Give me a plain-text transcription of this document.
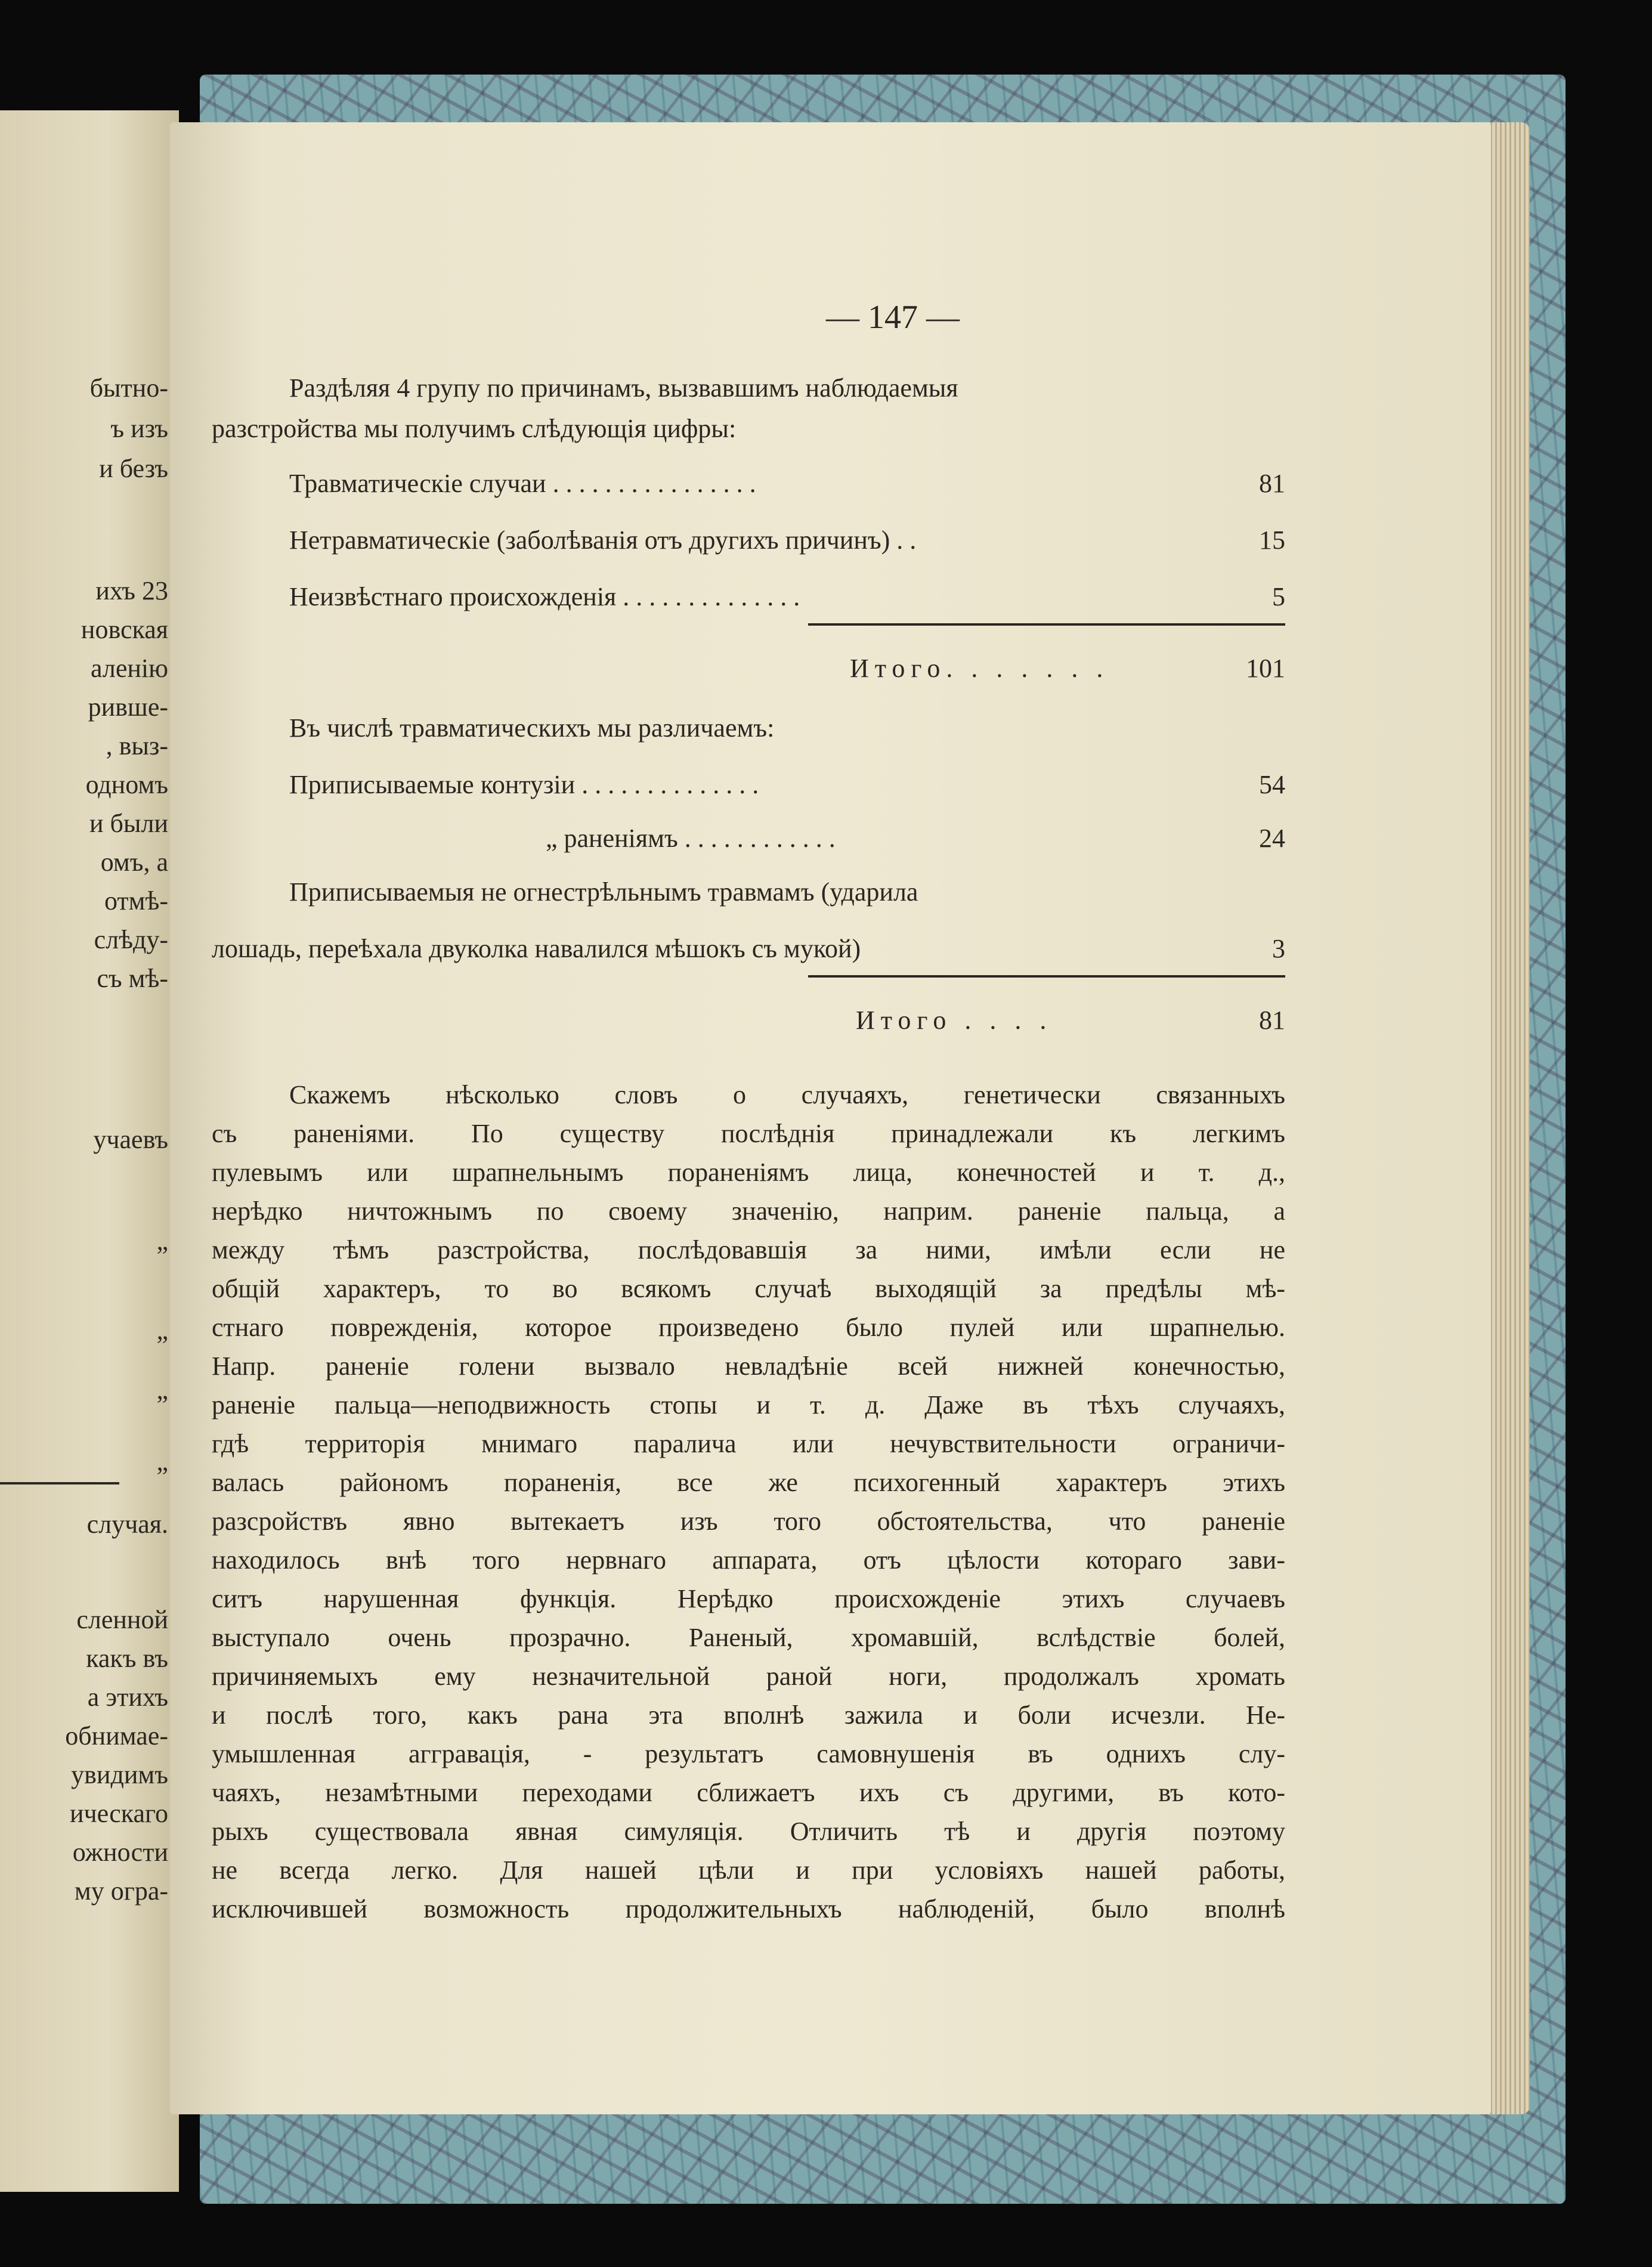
бытно-
ъ изъ
и безъ
ихъ 23
новская
аленію
ривше-
, выз-
одномъ
и были
омъ, а
отмѣ-
слѣду-
съ мѣ-
учаевъ
„
„
„
„
случая.
сленной
какъ въ
а этихъ
обнимае-
увидимъ
ическаго
ожности
му огра-
— 147 —
Раздѣляя 4 групу по причинамъ, вызвавшимъ наблюдаемыя
разстройства мы получимъ слѣдующія цифры:
Травматическіе случаи . . . . . . . . . . . . . . . .	81
Нетравматическіе (заболѣванія отъ другихъ причинъ) . .	15
Неизвѣстнаго происхожденія . . . . . . . . . . . . . .	5
Итого. . . . . . .	101
Въ числѣ травматическихъ мы различаемъ:
Приписываемые контузіи . . . . . . . . . . . . . .	54
„ раненіямъ . . . . . . . . . . . .	24
Приписываемыя не огнестрѣльнымъ травмамъ (ударила
лошадь, переѣхала двуколка навалился мѣшокъ съ мукой)	3
Итого . . . .	81
Скажемъ нѣсколько словъ о случаяхъ, генетически связанныхъ
съ раненіями. По существу послѣднія принадлежали къ легкимъ
пулевымъ или шрапнельнымъ пораненіямъ лица, конечностей и т. д.,
нерѣдко ничтожнымъ по своему значенію, наприм. раненіе пальца, а
между тѣмъ разстройства, послѣдовавшія за ними, имѣли если не
общій характеръ, то во всякомъ случаѣ выходящій за предѣлы мѣ-
стнаго поврежденія, которое произведено было пулей или шрапнелью.
Напр. раненіе голени вызвало невладѣніе всей нижней конечностью,
раненіе пальца—неподвижность стопы и т. д. Даже въ тѣхъ случаяхъ,
гдѣ территорія мнимаго паралича или нечувствительности ограничи-
валась райономъ пораненія, все же психогенный характеръ этихъ
разсройствъ явно вытекаетъ изъ того обстоятельства, что раненіе
находилось внѣ того нервнаго аппарата, отъ цѣлости котораго зави-
ситъ нарушенная функція. Нерѣдко происхожденіе этихъ случаевъ
выступало очень прозрачно. Раненый, хромавшій, вслѣдствіе болей,
причиняемыхъ ему незначительной раной ноги, продолжалъ хромать
и послѣ того, какъ рана эта вполнѣ зажила и боли исчезли. Не-
умышленная аггравація, - результатъ самовнушенія въ однихъ слу-
чаяхъ, незамѣтными переходами сближаетъ ихъ съ другими, въ кото-
рыхъ существовала явная симуляція. Отличить тѣ и другія поэтому
не всегда легко. Для нашей цѣли и при условіяхъ нашей работы,
исключившей возможность продолжительныхъ наблюденій, было вполнѣ
